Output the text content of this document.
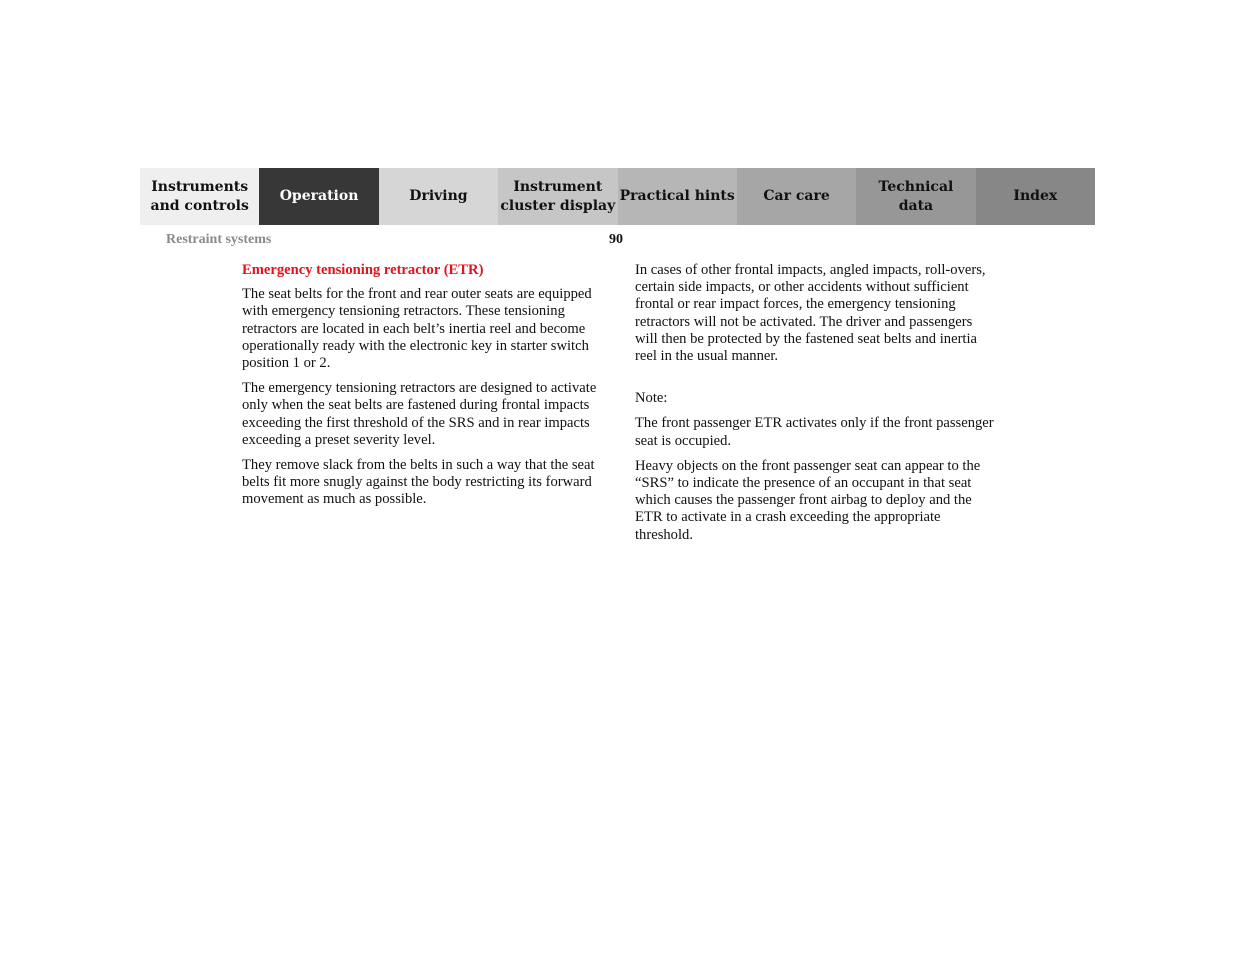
Instruments
and controls
Operation	Driving
Instrument
cluster display
Practical hints Car care
Technical
data
Index
Restraint systems	90

Emergency tensioning retractor (ETR)

The seat belts for the front and rear outer seats are equipped with emergency tensioning retractors. These tensioning retractors are located in each belt’s inertia reel and become operationally ready with the electronic key in starter switch position 1 or 2.

The emergency tensioning retractors are designed to activate only when the seat belts are fastened during frontal impacts exceeding the first threshold of the SRS and in rear impacts exceeding a preset severity level.

They remove slack from the belts in such a way that the seat belts fit more snugly against the body restricting its forward movement as much as possible.

In cases of other frontal impacts, angled impacts, roll-overs, certain side impacts, or other accidents without sufficient frontal or rear impact forces, the emergency tensioning retractors will not be activated. The driver and passengers will then be protected by the fastened seat belts and inertia reel in the usual manner.

Note:

The front passenger ETR activates only if the front passenger seat is occupied.

Heavy objects on the front passenger seat can appear to the “SRS” to indicate the presence of an occupant in that seat which causes the passenger front airbag to deploy and the ETR to activate in a crash exceeding the appropriate threshold.
